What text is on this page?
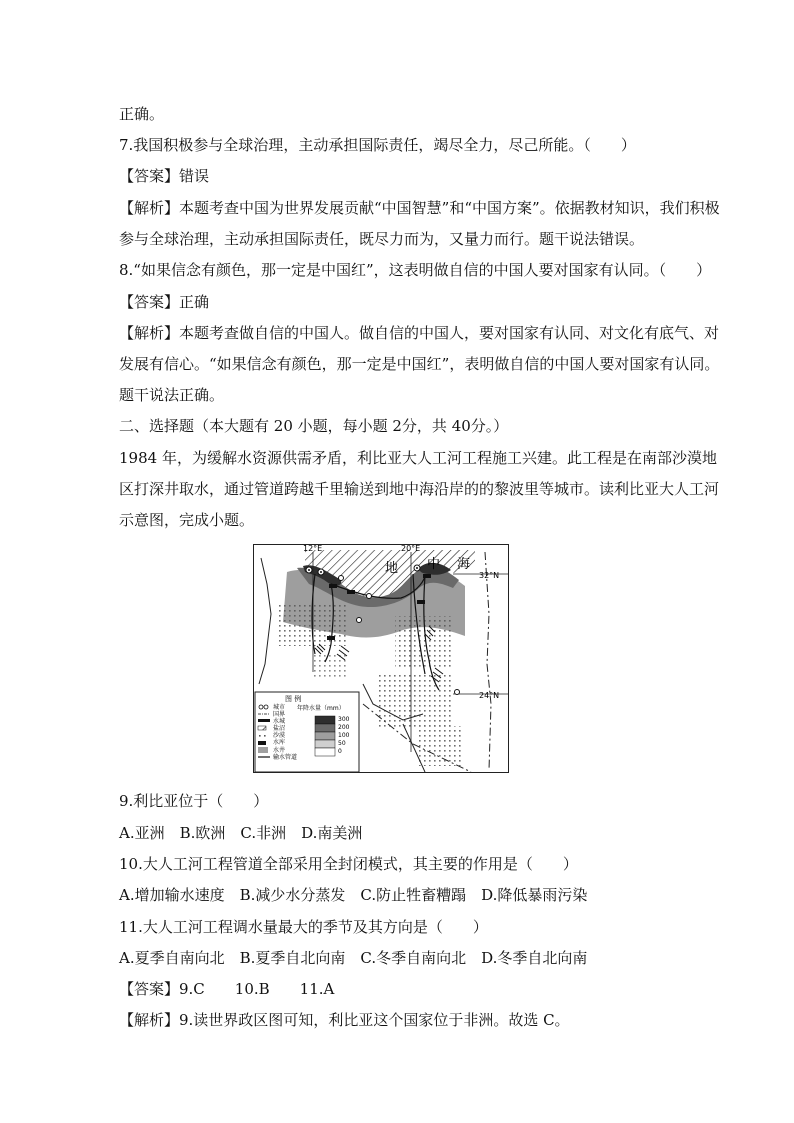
正确。
7.我国积极参与全球治理，主动承担国际责任，竭尽全力，尽己所能。（　　）
【答案】错误
【解析】本题考查中国为世界发展贡献“中国智慧”和“中国方案”。依据教材知识，我们积极
参与全球治理，主动承担国际责任，既尽力而为，又量力而行。题干说法错误。
8.“如果信念有颜色，那一定是中国红”，这表明做自信的中国人要对国家有认同。（　　）
【答案】正确
【解析】本题考查做自信的中国人。做自信的中国人，要对国家有认同、对文化有底气、对
发展有信心。“如果信念有颜色，那一定是中国红”，表明做自信的中国人要对国家有认同。
题干说法正确。
二、选择题（本大题有 20 小题，每小题 2分，共 40分。）
1984 年，为缓解水资源供需矛盾，利比亚大人工河工程施工兴建。此工程是在南部沙漠地
区打深井取水，通过管道跨越千里输送到地中海沿岸的的黎波里等城市。读利比亚大人工河
示意图，完成小题。
12°E	20°E
32°N
24°N
地 中 海
图 例
城市
国界
水城
盐沼
沙漠
水库
水井
输水管道
年降水量（mm）
300
200
100
50
0
9.利比亚位于（　　）
A.亚洲　B.欧洲　C.非洲　D.南美洲
10.大人工河工程管道全部采用全封闭模式，其主要的作用是（　　）
A.增加输水速度　B.减少水分蒸发　C.防止牲畜糟蹋　D.降低暴雨污染
11.大人工河工程调水量最大的季节及其方向是（　　）
A.夏季自南向北　B.夏季自北向南　C.冬季自南向北　D.冬季自北向南
【答案】9.C　　10.B　　11.A
【解析】9.读世界政区图可知，利比亚这个国家位于非洲。故选 C。
